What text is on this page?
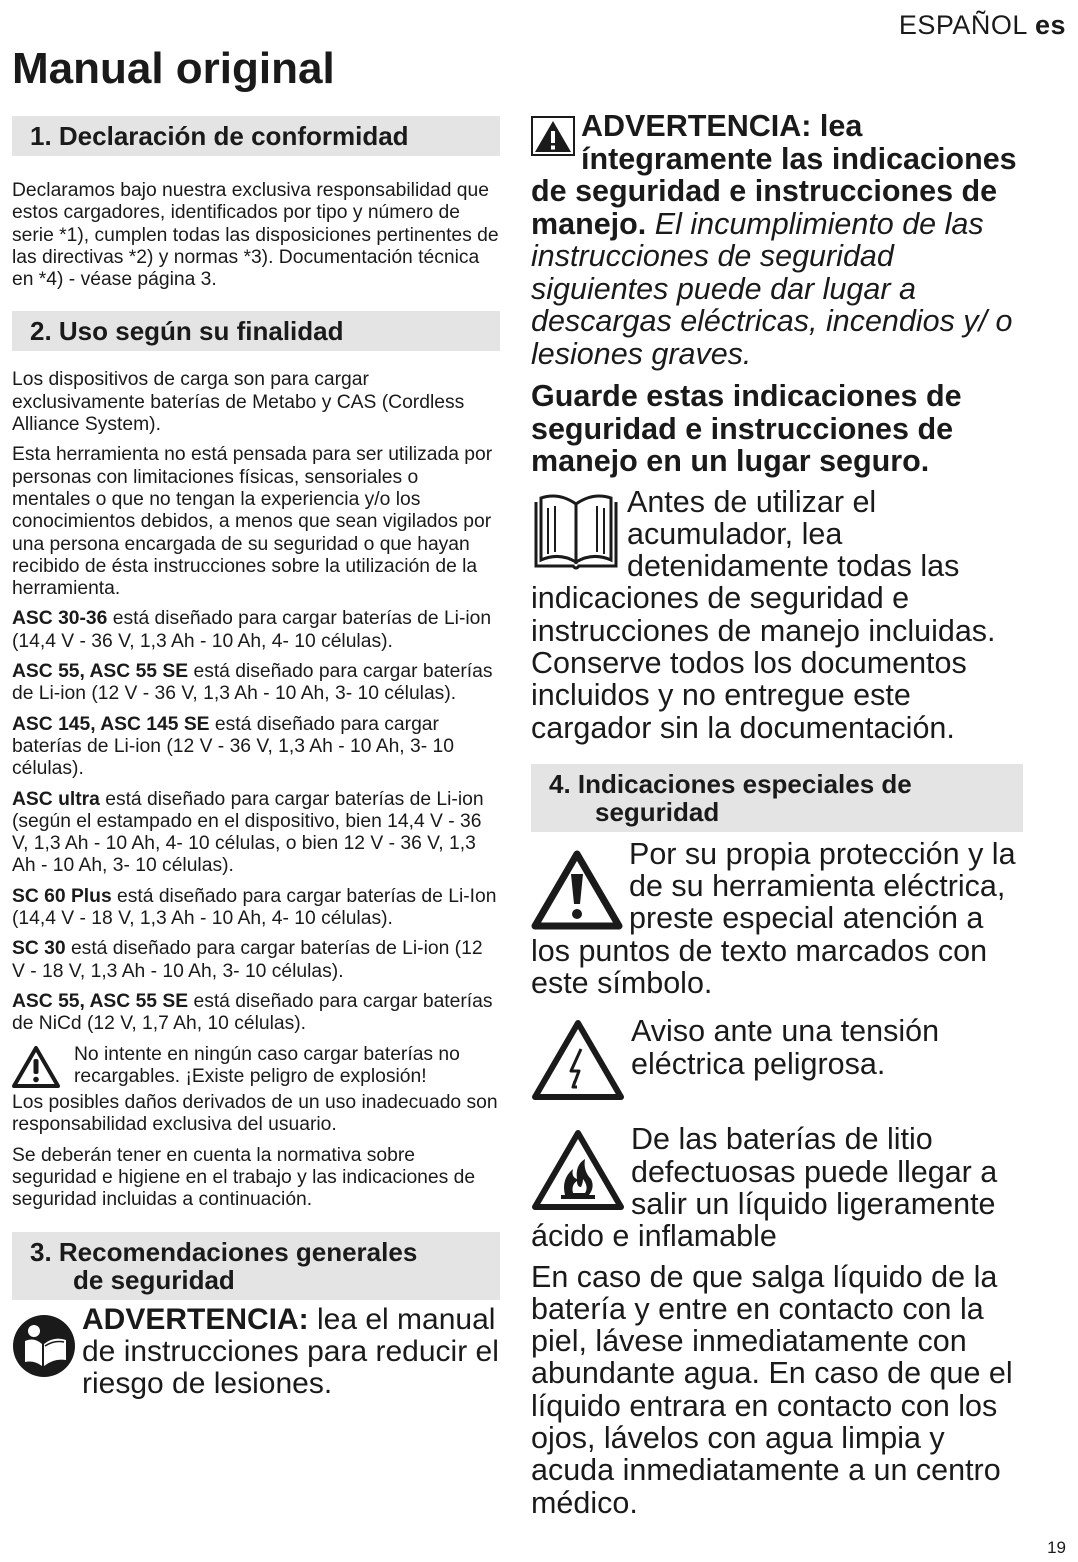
ESPAÑOL es
Manual original
1. Declaración de conformidad

Declaramos bajo nuestra exclusiva responsabilidad que estos cargadores, identificados por tipo y número de serie *1), cumplen todas las disposiciones pertinentes de las directivas *2) y normas *3). Documentación técnica en *4) - véase página 3.

2. Uso según su finalidad

Los dispositivos de carga son para cargar exclusivamente baterías de Metabo y CAS (Cordless Alliance System).

Esta herramienta no está pensada para ser utilizada por personas con limitaciones físicas, sensoriales o mentales o que no tengan la experiencia y/o los conocimientos debidos, a menos que sean vigilados por una persona encargada de su seguridad o que hayan recibido de ésta instrucciones sobre la utilización de la herramienta.

ASC 30-36 está diseñado para cargar baterías de Li-ion (14,4 V - 36 V, 1,3 Ah - 10 Ah, 4- 10 células).

ASC 55, ASC 55 SE está diseñado para cargar baterías de Li-ion (12 V - 36 V, 1,3 Ah - 10 Ah, 3- 10 células).

ASC 145, ASC 145 SE está diseñado para cargar baterías de Li-ion (12 V - 36 V, 1,3 Ah - 10 Ah, 3- 10 células).

ASC ultra está diseñado para cargar baterías de Li-ion (según el estampado en el dispositivo, bien 14,4 V - 36 V, 1,3 Ah - 10 Ah, 4- 10 células, o bien 12 V - 36 V, 1,3 Ah - 10 Ah, 3- 10 células).

SC 60 Plus está diseñado para cargar baterías de Li-Ion (14,4 V - 18 V, 1,3 Ah - 10 Ah, 4- 10 células).

SC 30 está diseñado para cargar baterías de Li-ion (12 V - 18 V, 1,3 Ah - 10 Ah, 3- 10 células).

ASC 55, ASC 55 SE está diseñado para cargar baterías de NiCd (12 V, 1,7 Ah, 10 células).

No intente en ningún caso cargar baterías no recargables. ¡Existe peligro de explosión!

Los posibles daños derivados de un uso inadecuado son responsabilidad exclusiva del usuario.

Se deberán tener en cuenta la normativa sobre seguridad e higiene en el trabajo y las indicaciones de seguridad incluidas a continuación.

3. Recomendaciones generales
de seguridad
ADVERTENCIA: lea el manual de instrucciones para reducir el riesgo de lesiones.

ADVERTENCIA: lea íntegramente las indicaciones de seguridad e instrucciones de manejo. El incumplimiento de las instrucciones de seguridad siguientes puede dar lugar a descargas eléctricas, incendios y/ o lesiones graves.

Guarde estas indicaciones de seguridad e instrucciones de manejo en un lugar seguro.

Antes de utilizar el acumulador, lea detenidamente todas las indicaciones de seguridad e instrucciones de manejo incluidas. Conserve todos los documentos incluidos y no entregue este cargador sin la documentación.
4. Indicaciones especiales de
seguridad
Por su propia protección y la de su herramienta eléctrica, preste especial atención a los puntos de texto marcados con este símbolo.
Aviso ante una tensión eléctrica peligrosa.
De las baterías de litio defectuosas puede llegar a salir un líquido ligeramente ácido e inflamable

En caso de que salga líquido de la batería y entre en contacto con la piel, lávese inmediatamente con abundante agua. En caso de que el líquido entrara en contacto con los ojos, lávelos con agua limpia y acuda inmediatamente a un centro médico.

19
